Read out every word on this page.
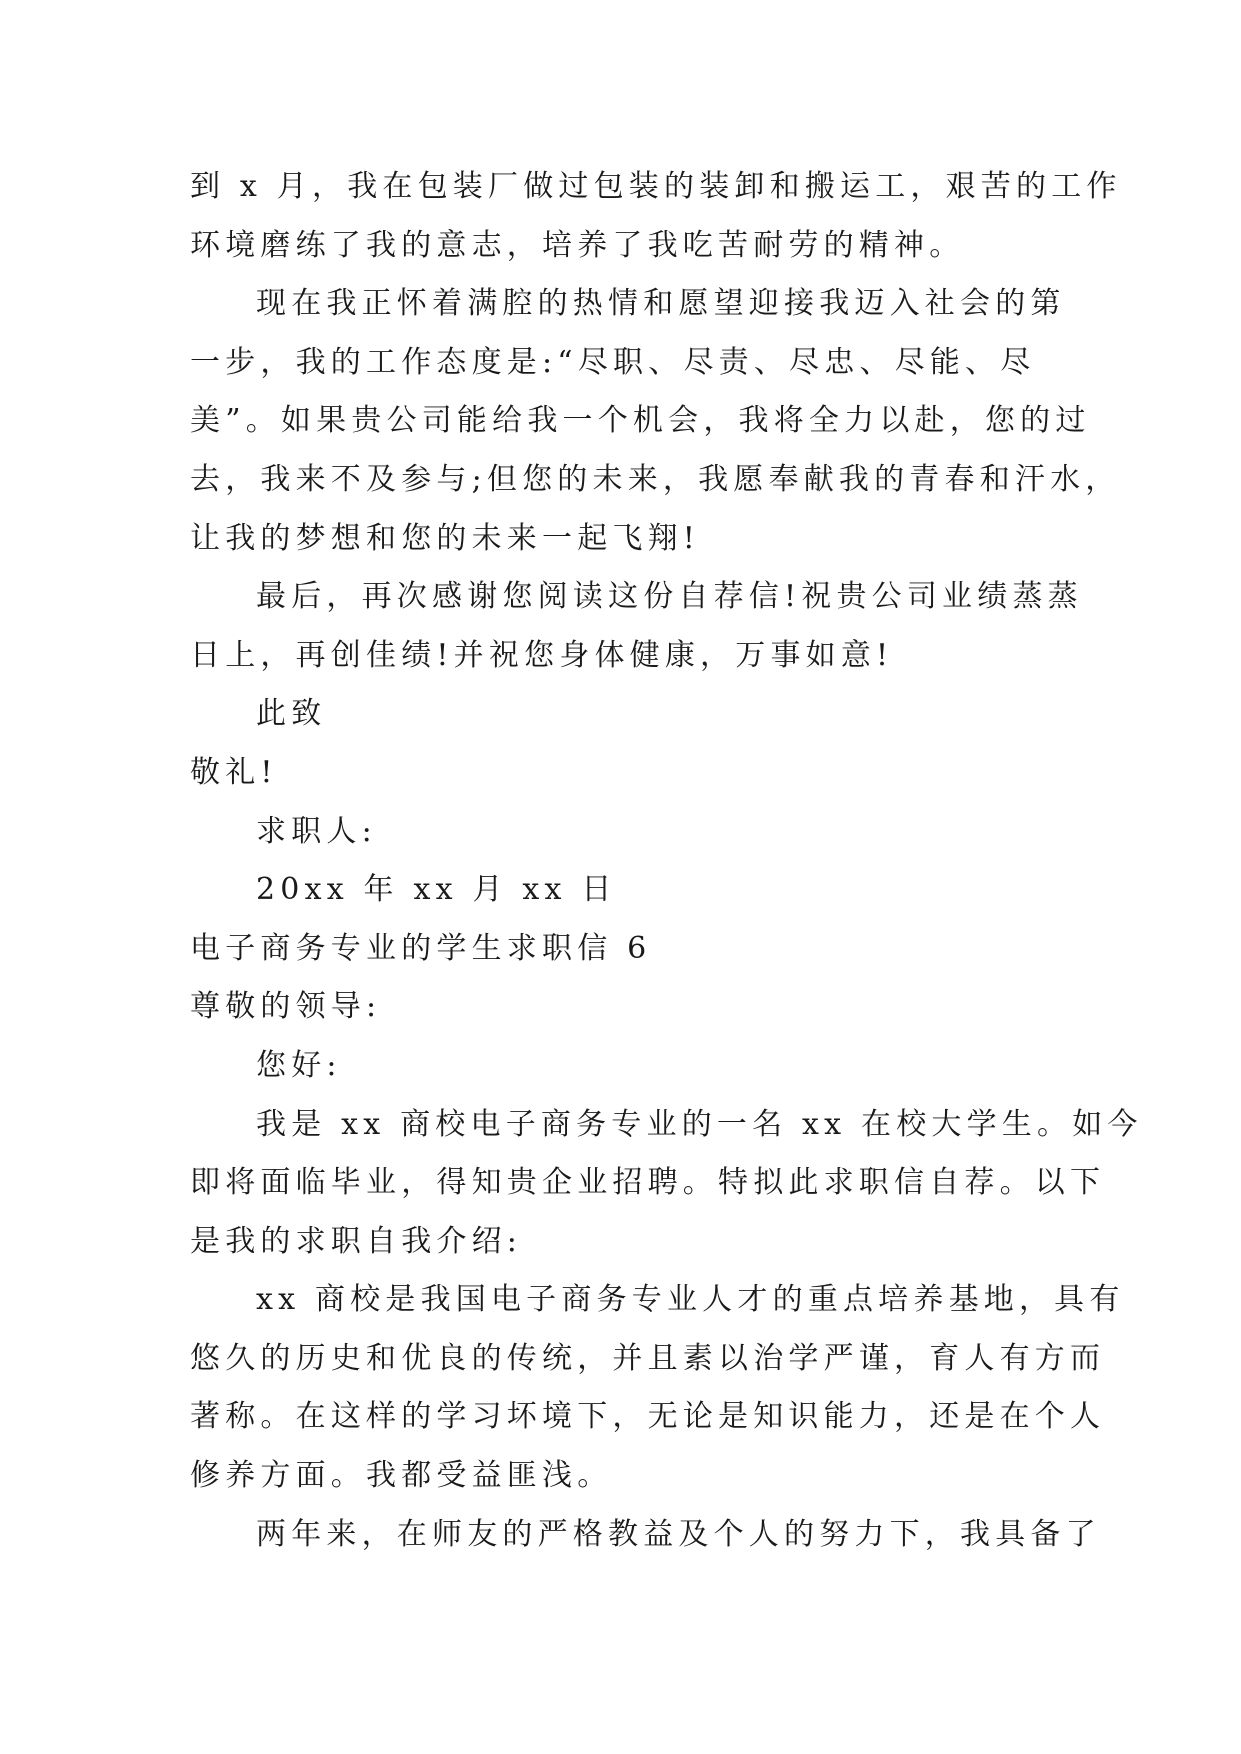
到 x 月，我在包装厂做过包装的装卸和搬运工，艰苦的工作
环境磨练了我的意志，培养了我吃苦耐劳的精神。
现在我正怀着满腔的热情和愿望迎接我迈入社会的第
一步，我的工作态度是:“尽职、尽责、尽忠、尽能、尽
美”。如果贵公司能给我一个机会，我将全力以赴，您的过
去，我来不及参与;但您的未来，我愿奉献我的青春和汗水，
让我的梦想和您的未来一起飞翔!
最后，再次感谢您阅读这份自荐信!祝贵公司业绩蒸蒸
日上，再创佳绩!并祝您身体健康，万事如意!
此致
敬礼!
求职人:
20xx 年 xx 月 xx 日
电子商务专业的学生求职信 6
尊敬的领导:
您好:
我是 xx 商校电子商务专业的一名 xx 在校大学生。如今
即将面临毕业，得知贵企业招聘。特拟此求职信自荐。以下
是我的求职自我介绍:
xx 商校是我国电子商务专业人才的重点培养基地，具有
悠久的历史和优良的传统，并且素以治学严谨，育人有方而
著称。在这样的学习坏境下，无论是知识能力，还是在个人
修养方面。我都受益匪浅。
两年来，在师友的严格教益及个人的努力下，我具备了
